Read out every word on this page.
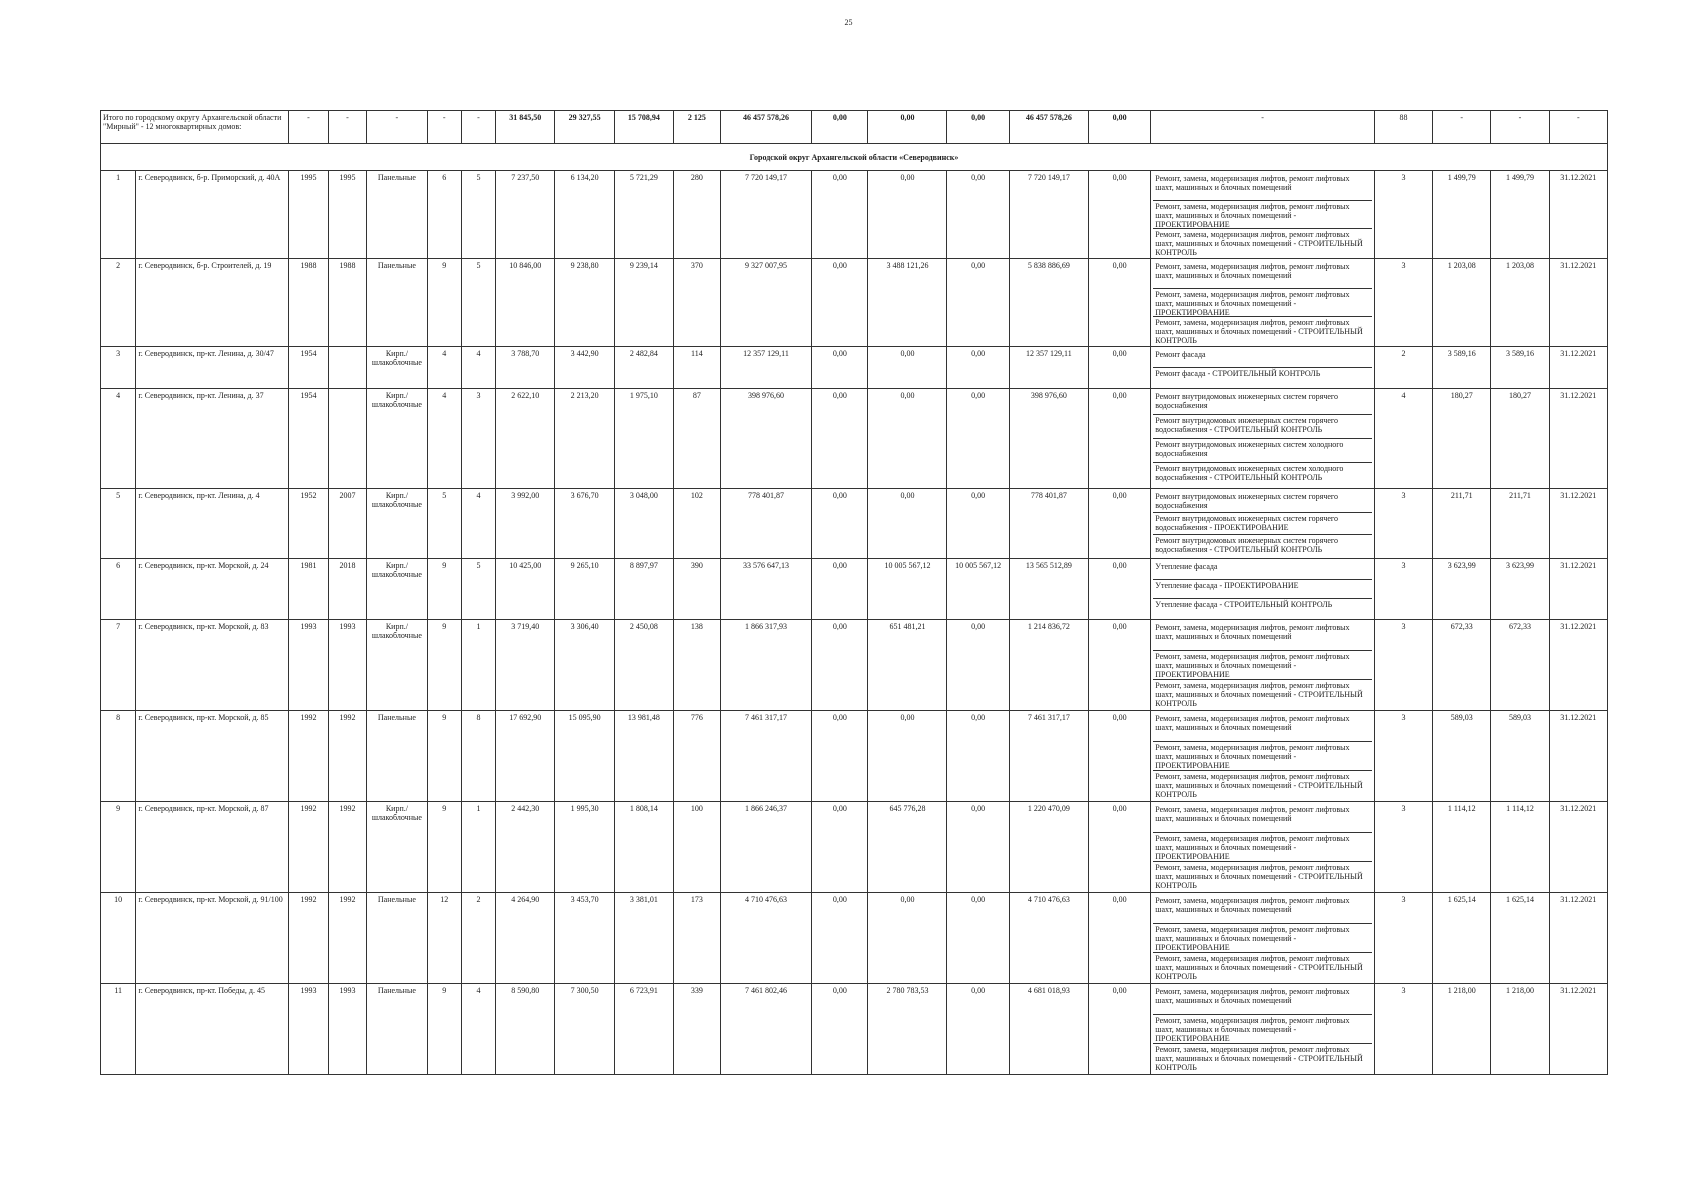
25
Итого по городскому округу Архангельской области "Мирный" - 12 многоквартирных домов:		-	-	-	-	-	31 845,50	29 327,55	15 708,94	2 125	46 457 578,26	0,00	0,00	0,00	46 457 578,26	0,00	-	88	-	-	-
Городской округ Архангельской области «Северодвинск»																					
1	г. Северодвинск, б-р. Приморский, д. 40А	1995	1995	Панельные	6	5	7 237,50	6 134,20	5 721,29	280	7 720 149,17	0,00	0,00	0,00	7 720 149,17	0,00	Ремонт, замена, модернизация лифтов, ремонт лифтовых шахт, машинных и блочных помещений
Ремонт, замена, модернизация лифтов, ремонт лифтовых шахт, машинных и блочных помещений - ПРОЕКТИРОВАНИЕ
Ремонт, замена, модернизация лифтов, ремонт лифтовых шахт, машинных и блочных помещений - СТРОИТЕЛЬНЫЙ КОНТРОЛЬ	3	1 499,79	1 499,79	31.12.2021
2	г. Северодвинск, б-р. Строителей, д. 19	1988	1988	Панельные	9	5	10 846,00	9 238,80	9 239,14	370	9 327 007,95	0,00	3 488 121,26	0,00	5 838 886,69	0,00	Ремонт, замена, модернизация лифтов, ремонт лифтовых шахт, машинных и блочных помещений
Ремонт, замена, модернизация лифтов, ремонт лифтовых шахт, машинных и блочных помещений - ПРОЕКТИРОВАНИЕ
Ремонт, замена, модернизация лифтов, ремонт лифтовых шахт, машинных и блочных помещений - СТРОИТЕЛЬНЫЙ КОНТРОЛЬ	3	1 203,08	1 203,08	31.12.2021
3	г. Северодвинск, пр-кт. Ленина, д. 30/47	1954		Кирп./шлакоблочные	4	4	3 788,70	3 442,90	2 482,84	114	12 357 129,11	0,00	0,00	0,00	12 357 129,11	0,00	Ремонт фасада
Ремонт фасада - СТРОИТЕЛЬНЫЙ КОНТРОЛЬ	2	3 589,16	3 589,16	31.12.2021
4	г. Северодвинск, пр-кт. Ленина, д. 37	1954		Кирп./шлакоблочные	4	3	2 622,10	2 213,20	1 975,10	87	398 976,60	0,00	0,00	0,00	398 976,60	0,00	Ремонт внутридомовых инженерных систем горячего водоснабжения
Ремонт внутридомовых инженерных систем горячего водоснабжения - СТРОИТЕЛЬНЫЙ КОНТРОЛЬ
Ремонт внутридомовых инженерных систем холодного водоснабжения
Ремонт внутридомовых инженерных систем холодного водоснабжения - СТРОИТЕЛЬНЫЙ КОНТРОЛЬ	4	180,27	180,27	31.12.2021
5	г. Северодвинск, пр-кт. Ленина, д. 4	1952	2007	Кирп./шлакоблочные	5	4	3 992,00	3 676,70	3 048,00	102	778 401,87	0,00	0,00	0,00	778 401,87	0,00	Ремонт внутридомовых инженерных систем горячего водоснабжения
Ремонт внутридомовых инженерных систем горячего водоснабжения - ПРОЕКТИРОВАНИЕ
Ремонт внутридомовых инженерных систем горячего водоснабжения - СТРОИТЕЛЬНЫЙ КОНТРОЛЬ	3	211,71	211,71	31.12.2021
6	г. Северодвинск, пр-кт. Морской, д. 24	1981	2018	Кирп./шлакоблочные	9	5	10 425,00	9 265,10	8 897,97	390	33 576 647,13	0,00	10 005 567,12	10 005 567,12	13 565 512,89	0,00	Утепление фасада
Утепление фасада - ПРОЕКТИРОВАНИЕ
Утепление фасада - СТРОИТЕЛЬНЫЙ КОНТРОЛЬ	3	3 623,99	3 623,99	31.12.2021
7	г. Северодвинск, пр-кт. Морской, д. 83	1993	1993	Кирп./шлакоблочные	9	1	3 719,40	3 306,40	2 450,08	138	1 866 317,93	0,00	651 481,21	0,00	1 214 836,72	0,00	Ремонт, замена, модернизация лифтов, ремонт лифтовых шахт, машинных и блочных помещений
Ремонт, замена, модернизация лифтов, ремонт лифтовых шахт, машинных и блочных помещений - ПРОЕКТИРОВАНИЕ
Ремонт, замена, модернизация лифтов, ремонт лифтовых шахт, машинных и блочных помещений - СТРОИТЕЛЬНЫЙ КОНТРОЛЬ	3	672,33	672,33	31.12.2021
8	г. Северодвинск, пр-кт. Морской, д. 85	1992	1992	Панельные	9	8	17 692,90	15 095,90	13 981,48	776	7 461 317,17	0,00	0,00	0,00	7 461 317,17	0,00	Ремонт, замена, модернизация лифтов, ремонт лифтовых шахт, машинных и блочных помещений
Ремонт, замена, модернизация лифтов, ремонт лифтовых шахт, машинных и блочных помещений - ПРОЕКТИРОВАНИЕ
Ремонт, замена, модернизация лифтов, ремонт лифтовых шахт, машинных и блочных помещений - СТРОИТЕЛЬНЫЙ КОНТРОЛЬ	3	589,03	589,03	31.12.2021
9	г. Северодвинск, пр-кт. Морской, д. 87	1992	1992	Кирп./шлакоблочные	9	1	2 442,30	1 995,30	1 808,14	100	1 866 246,37	0,00	645 776,28	0,00	1 220 470,09	0,00	Ремонт, замена, модернизация лифтов, ремонт лифтовых шахт, машинных и блочных помещений
Ремонт, замена, модернизация лифтов, ремонт лифтовых шахт, машинных и блочных помещений - ПРОЕКТИРОВАНИЕ
Ремонт, замена, модернизация лифтов, ремонт лифтовых шахт, машинных и блочных помещений - СТРОИТЕЛЬНЫЙ КОНТРОЛЬ	3	1 114,12	1 114,12	31.12.2021
10	г. Северодвинск, пр-кт. Морской, д. 91/100	1992	1992	Панельные	12	2	4 264,90	3 453,70	3 381,01	173	4 710 476,63	0,00	0,00	0,00	4 710 476,63	0,00	Ремонт, замена, модернизация лифтов, ремонт лифтовых шахт, машинных и блочных помещений
Ремонт, замена, модернизация лифтов, ремонт лифтовых шахт, машинных и блочных помещений - ПРОЕКТИРОВАНИЕ
Ремонт, замена, модернизация лифтов, ремонт лифтовых шахт, машинных и блочных помещений - СТРОИТЕЛЬНЫЙ КОНТРОЛЬ	3	1 625,14	1 625,14	31.12.2021
11	г. Северодвинск, пр-кт. Победы, д. 45	1993	1993	Панельные	9	4	8 590,80	7 300,50	6 723,91	339	7 461 802,46	0,00	2 780 783,53	0,00	4 681 018,93	0,00	Ремонт, замена, модернизация лифтов, ремонт лифтовых шахт, машинных и блочных помещений
Ремонт, замена, модернизация лифтов, ремонт лифтовых шахт, машинных и блочных помещений - ПРОЕКТИРОВАНИЕ
Ремонт, замена, модернизация лифтов, ремонт лифтовых шахт, машинных и блочных помещений - СТРОИТЕЛЬНЫЙ КОНТРОЛЬ	3	1 218,00	1 218,00	31.12.2021
